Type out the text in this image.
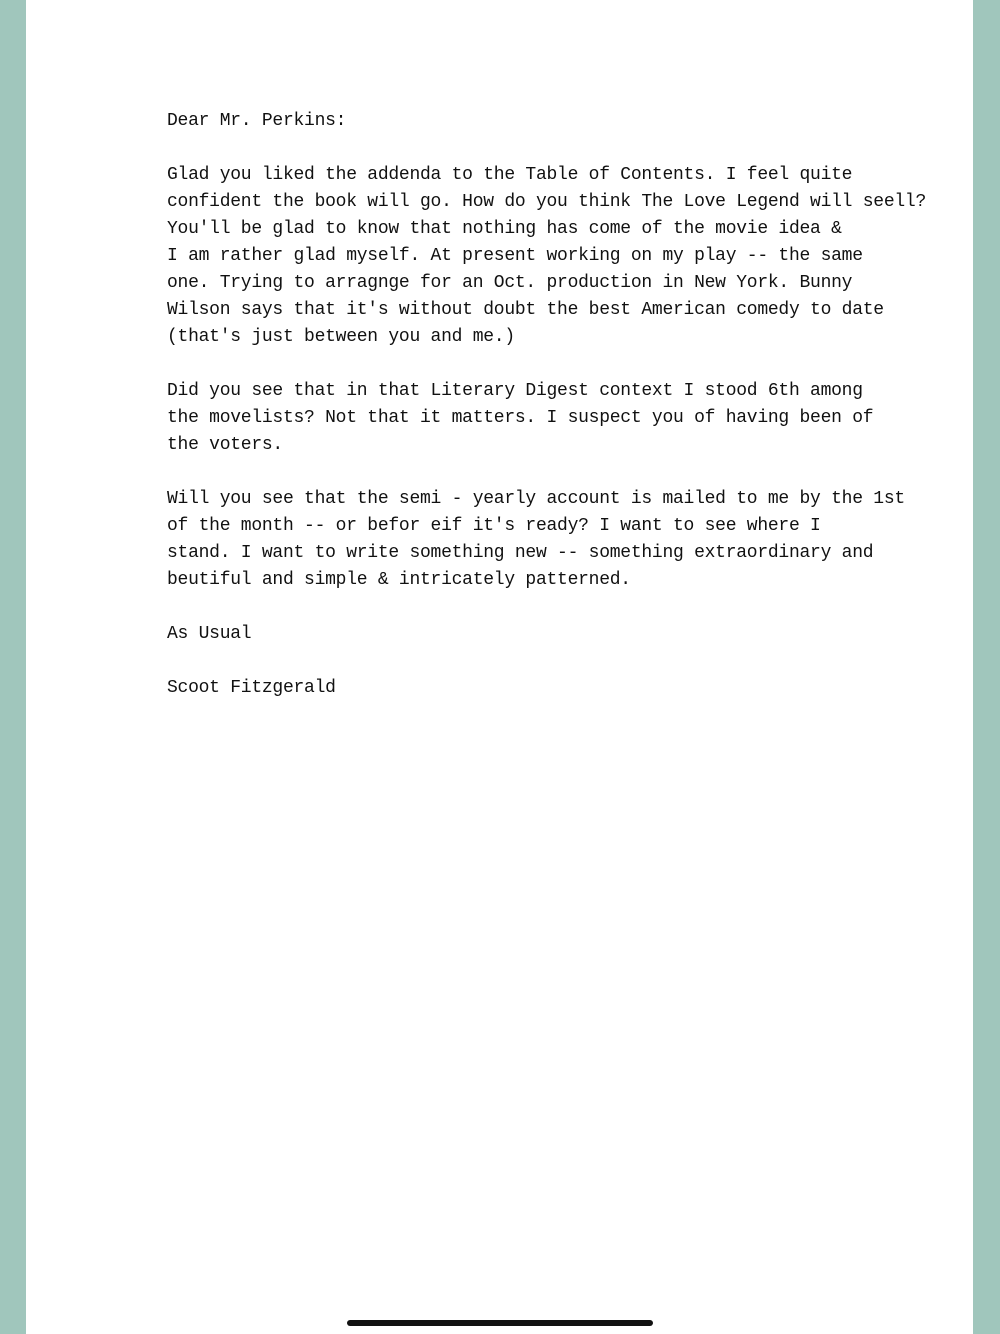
Dear Mr. Perkins:
Glad you liked the addenda to the Table of Contents. I feel quite
confident the book will go. How do you think The Love Legend will seell?
You'll be glad to know that nothing has come of the movie idea &
I am rather glad myself. At present working on my play -- the same
one. Trying to arragnge for an Oct. production in New York. Bunny
Wilson says that it's without doubt the best American comedy to date
(that's just between you and me.)
Did you see that in that Literary Digest context I stood 6th among
the movelists? Not that it matters. I suspect you of having been of
the voters.
Will you see that the semi - yearly account is mailed to me by the 1st
of the month -- or befor eif it's ready? I want to see where I
stand. I want to write something new -- something extraordinary and
beutiful and simple & intricately patterned.
As Usual
Scoot Fitzgerald
